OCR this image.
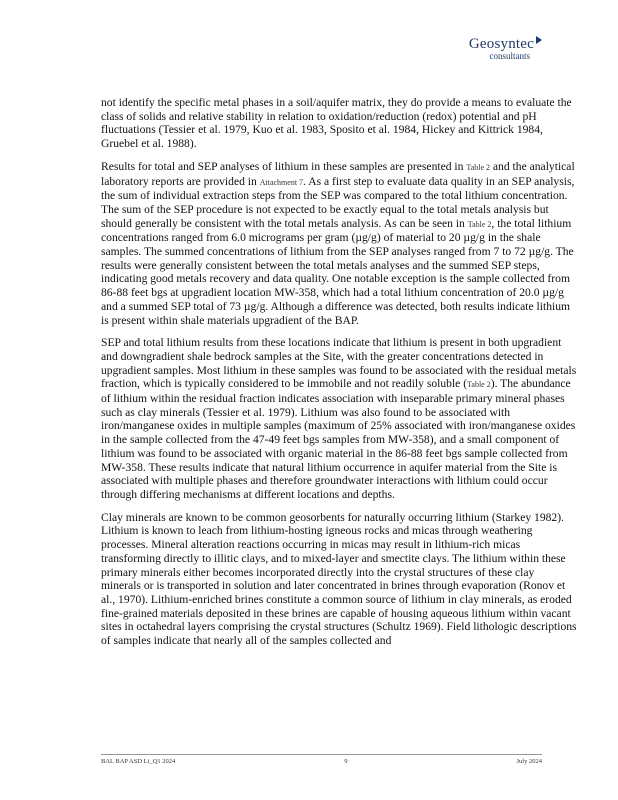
Geosyntec
consultants

not identify the specific metal phases in a soil/aquifer matrix, they do provide a means to evaluate the class of solids and relative stability in relation to oxidation/reduction (redox) potential and pH fluctuations (Tessier et al. 1979, Kuo et al. 1983, Sposito et al. 1984, Hickey and Kittrick 1984, Gruebel et al. 1988).

Results for total and SEP analyses of lithium in these samples are presented in Table 2 and the analytical laboratory reports are provided in Attachment 7. As a first step to evaluate data quality in an SEP analysis, the sum of individual extraction steps from the SEP was compared to the total lithium concentration. The sum of the SEP procedure is not expected to be exactly equal to the total metals analysis but should generally be consistent with the total metals analysis. As can be seen in Table 2, the total lithium concentrations ranged from 6.0 micrograms per gram (µg/g) of material to 20 µg/g in the shale samples. The summed concentrations of lithium from the SEP analyses ranged from 7 to 72 µg/g. The results were generally consistent between the total metals analyses and the summed SEP steps, indicating good metals recovery and data quality. One notable exception is the sample collected from 86-88 feet bgs at upgradient location MW-358, which had a total lithium concentration of 20.0 µg/g and a summed SEP total of 73 µg/g. Although a difference was detected, both results indicate lithium is present within shale materials upgradient of the BAP.

SEP and total lithium results from these locations indicate that lithium is present in both upgradient and downgradient shale bedrock samples at the Site, with the greater concentrations detected in upgradient samples. Most lithium in these samples was found to be associated with the residual metals fraction, which is typically considered to be immobile and not readily soluble (Table 2). The abundance of lithium within the residual fraction indicates association with inseparable primary mineral phases such as clay minerals (Tessier et al. 1979). Lithium was also found to be associated with iron/manganese oxides in multiple samples (maximum of 25% associated with iron/manganese oxides in the sample collected from the 47-49 feet bgs samples from MW-358), and a small component of lithium was found to be associated with organic material in the 86-88 feet bgs sample collected from MW-358. These results indicate that natural lithium occurrence in aquifer material from the Site is associated with multiple phases and therefore groundwater interactions with lithium could occur through differing mechanisms at different locations and depths.

Clay minerals are known to be common geosorbents for naturally occurring lithium (Starkey 1982). Lithium is known to leach from lithium-hosting igneous rocks and micas through weathering processes. Mineral alteration reactions occurring in micas may result in lithium-rich micas transforming directly to illitic clays, and to mixed-layer and smectite clays. The lithium within these primary minerals either becomes incorporated directly into the crystal structures of these clay minerals or is transported in solution and later concentrated in brines through evaporation (Ronov et al., 1970). Lithium-enriched brines constitute a common source of lithium in clay minerals, as eroded fine-grained materials deposited in these brines are capable of housing aqueous lithium within vacant sites in octahedral layers comprising the crystal structures (Schultz 1969). Field lithologic descriptions of samples indicate that nearly all of the samples collected and

BAL BAP ASD Li_Q1 2024	9	July 2024
